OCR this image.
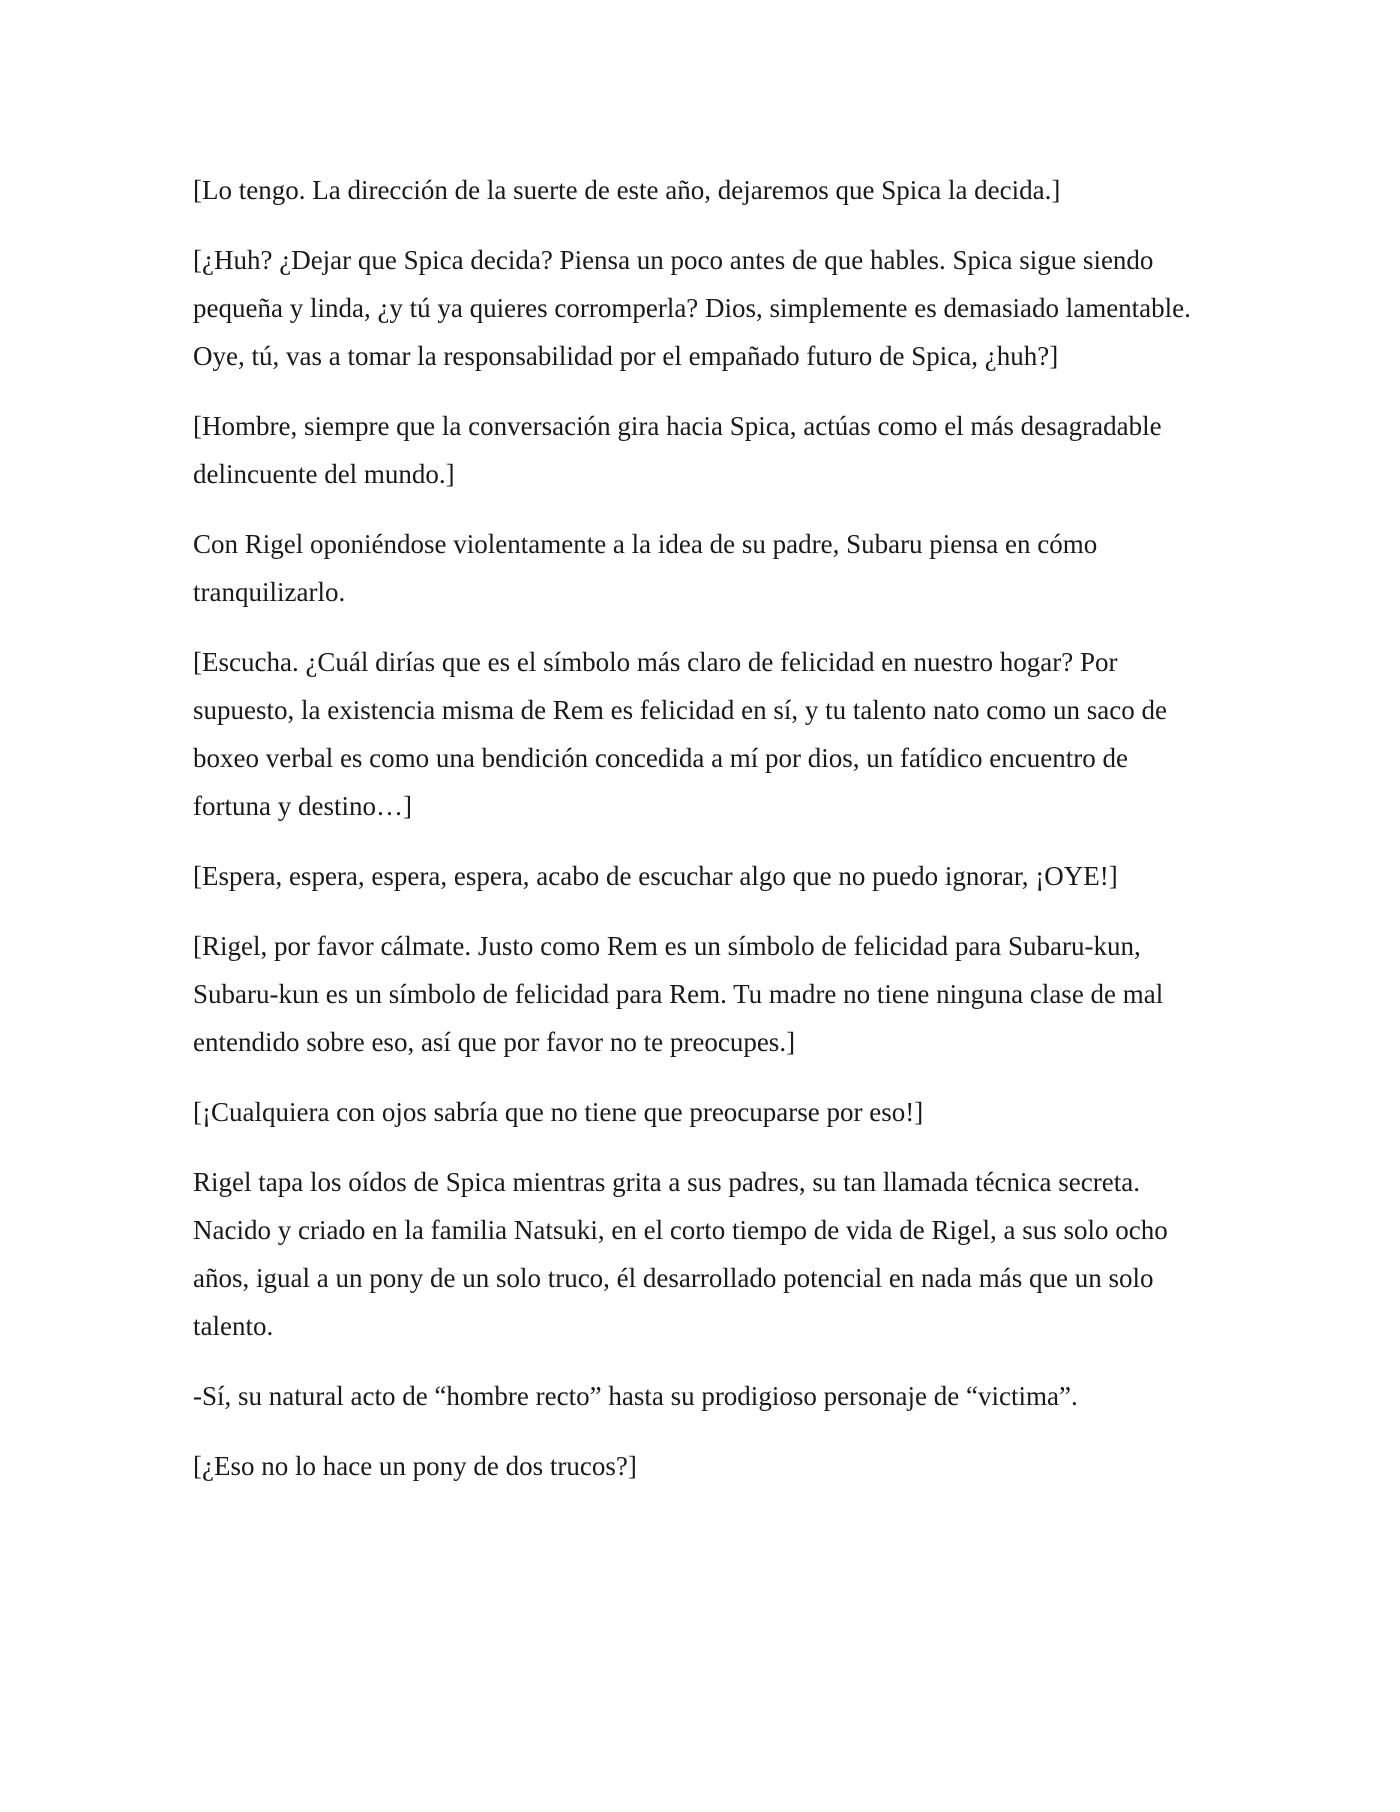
[Lo tengo. La dirección de la suerte de este año, dejaremos que Spica la decida.]

[¿Huh? ¿Dejar que Spica decida? Piensa un poco antes de que hables. Spica sigue siendo pequeña y linda, ¿y tú ya quieres corromperla? Dios, simplemente es demasiado lamentable. Oye, tú, vas a tomar la responsabilidad por el empañado futuro de Spica, ¿huh?]

[Hombre, siempre que la conversación gira hacia Spica, actúas como el más desagradable delincuente del mundo.]

Con Rigel oponiéndose violentamente a la idea de su padre, Subaru piensa en cómo tranquilizarlo.

[Escucha. ¿Cuál dirías que es el símbolo más claro de felicidad en nuestro hogar? Por supuesto, la existencia misma de Rem es felicidad en sí, y tu talento nato como un saco de boxeo verbal es como una bendición concedida a mí por dios, un fatídico encuentro de fortuna y destino…]

[Espera, espera, espera, espera, acabo de escuchar algo que no puedo ignorar, ¡OYE!]

[Rigel, por favor cálmate. Justo como Rem es un símbolo de felicidad para Subaru-kun, Subaru-kun es un símbolo de felicidad para Rem. Tu madre no tiene ninguna clase de mal entendido sobre eso, así que por favor no te preocupes.]

[¡Cualquiera con ojos sabría que no tiene que preocuparse por eso!]

Rigel tapa los oídos de Spica mientras grita a sus padres, su tan llamada técnica secreta. Nacido y criado en la familia Natsuki, en el corto tiempo de vida de Rigel, a sus solo ocho años, igual a un pony de un solo truco, él desarrollado potencial en nada más que un solo talento.

-Sí, su natural acto de “hombre recto” hasta su prodigioso personaje de “victima”.

[¿Eso no lo hace un pony de dos trucos?]
